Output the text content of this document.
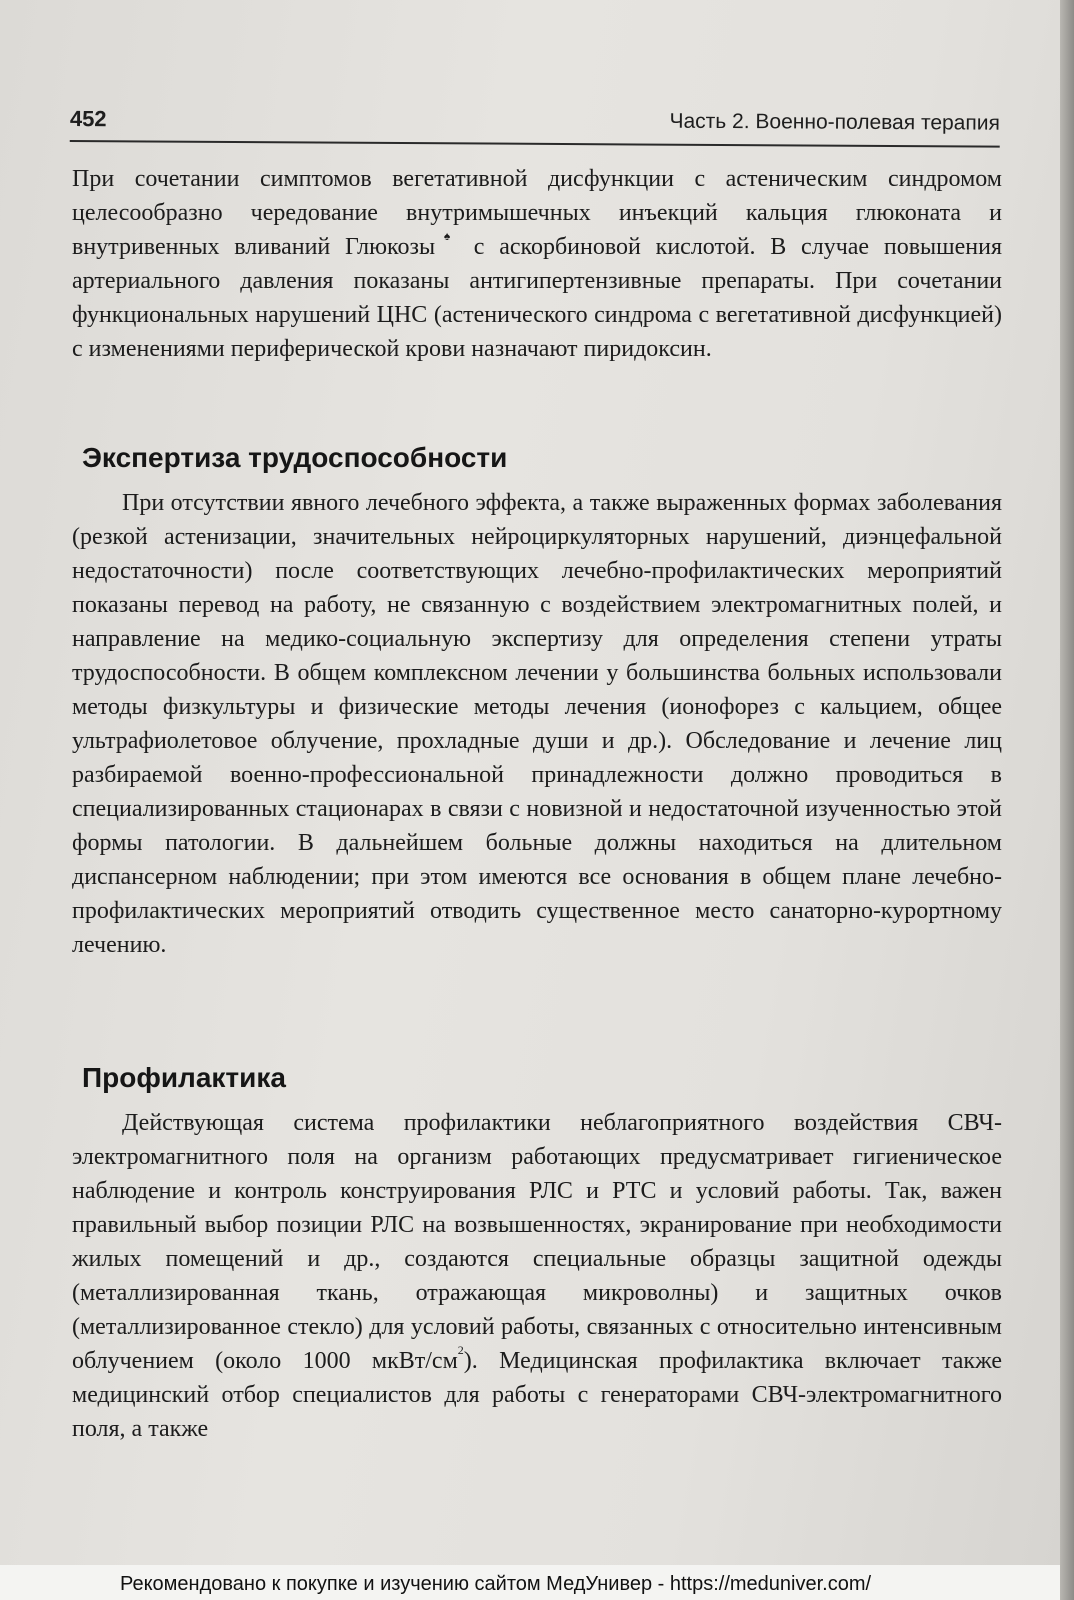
452	Часть 2. Военно-полевая терапия

При сочетании симптомов вегетативной дисфункции с астеническим синдромом целесообразно чередование внутримышечных инъекций кальция глюконата и внутривенных вливаний Глюкозы♠ с аскорбиновой кислотой. В случае повышения артериального давления показаны антигипертензивные препараты. При сочетании функциональных нарушений ЦНС (астенического синдрома с вегетативной дисфункцией) с изменениями периферической крови назначают пиридоксин.

Экспертиза трудоспособности

При отсутствии явного лечебного эффекта, а также выраженных формах заболевания (резкой астенизации, значительных нейроциркуляторных нарушений, диэнцефальной недостаточности) после соответствующих лечебно-профилактических мероприятий показаны перевод на работу, не связанную с воздействием электромагнитных полей, и направление на медико-социальную экспертизу для определения степени утраты трудоспособности. В общем комплексном лечении у большинства больных использовали методы физкультуры и физические методы лечения (ионофорез с кальцием, общее ультрафиолетовое облучение, прохладные души и др.). Обследование и лечение лиц разбираемой военно-профессиональной принадлежности должно проводиться в специализированных стационарах в связи с новизной и недостаточной изученностью этой формы патологии. В дальнейшем больные должны находиться на длительном диспансерном наблюдении; при этом имеются все основания в общем плане лечебно-профилактических мероприятий отводить существенное место санаторно-курортному лечению.

Профилактика

Действующая система профилактики неблагоприятного воздействия СВЧ-электромагнитного поля на организм работающих предусматривает гигиеническое наблюдение и контроль конструирования РЛС и РТС и условий работы. Так, важен правильный выбор позиции РЛС на возвышенностях, экранирование при необходимости жилых помещений и др., создаются специальные образцы защитной одежды (металлизированная ткань, отражающая микроволны) и защитных очков (металлизированное стекло) для условий работы, связанных с относительно интенсивным облучением (около 1000 мкВт/$см^2$). Медицинская профилактика включает также медицинский отбор специалистов для работы с генераторами СВЧ-электромагнитного поля, а также

Рекомендовано к покупке и изучению сайтом МедУнивер - https://meduniver.com/
